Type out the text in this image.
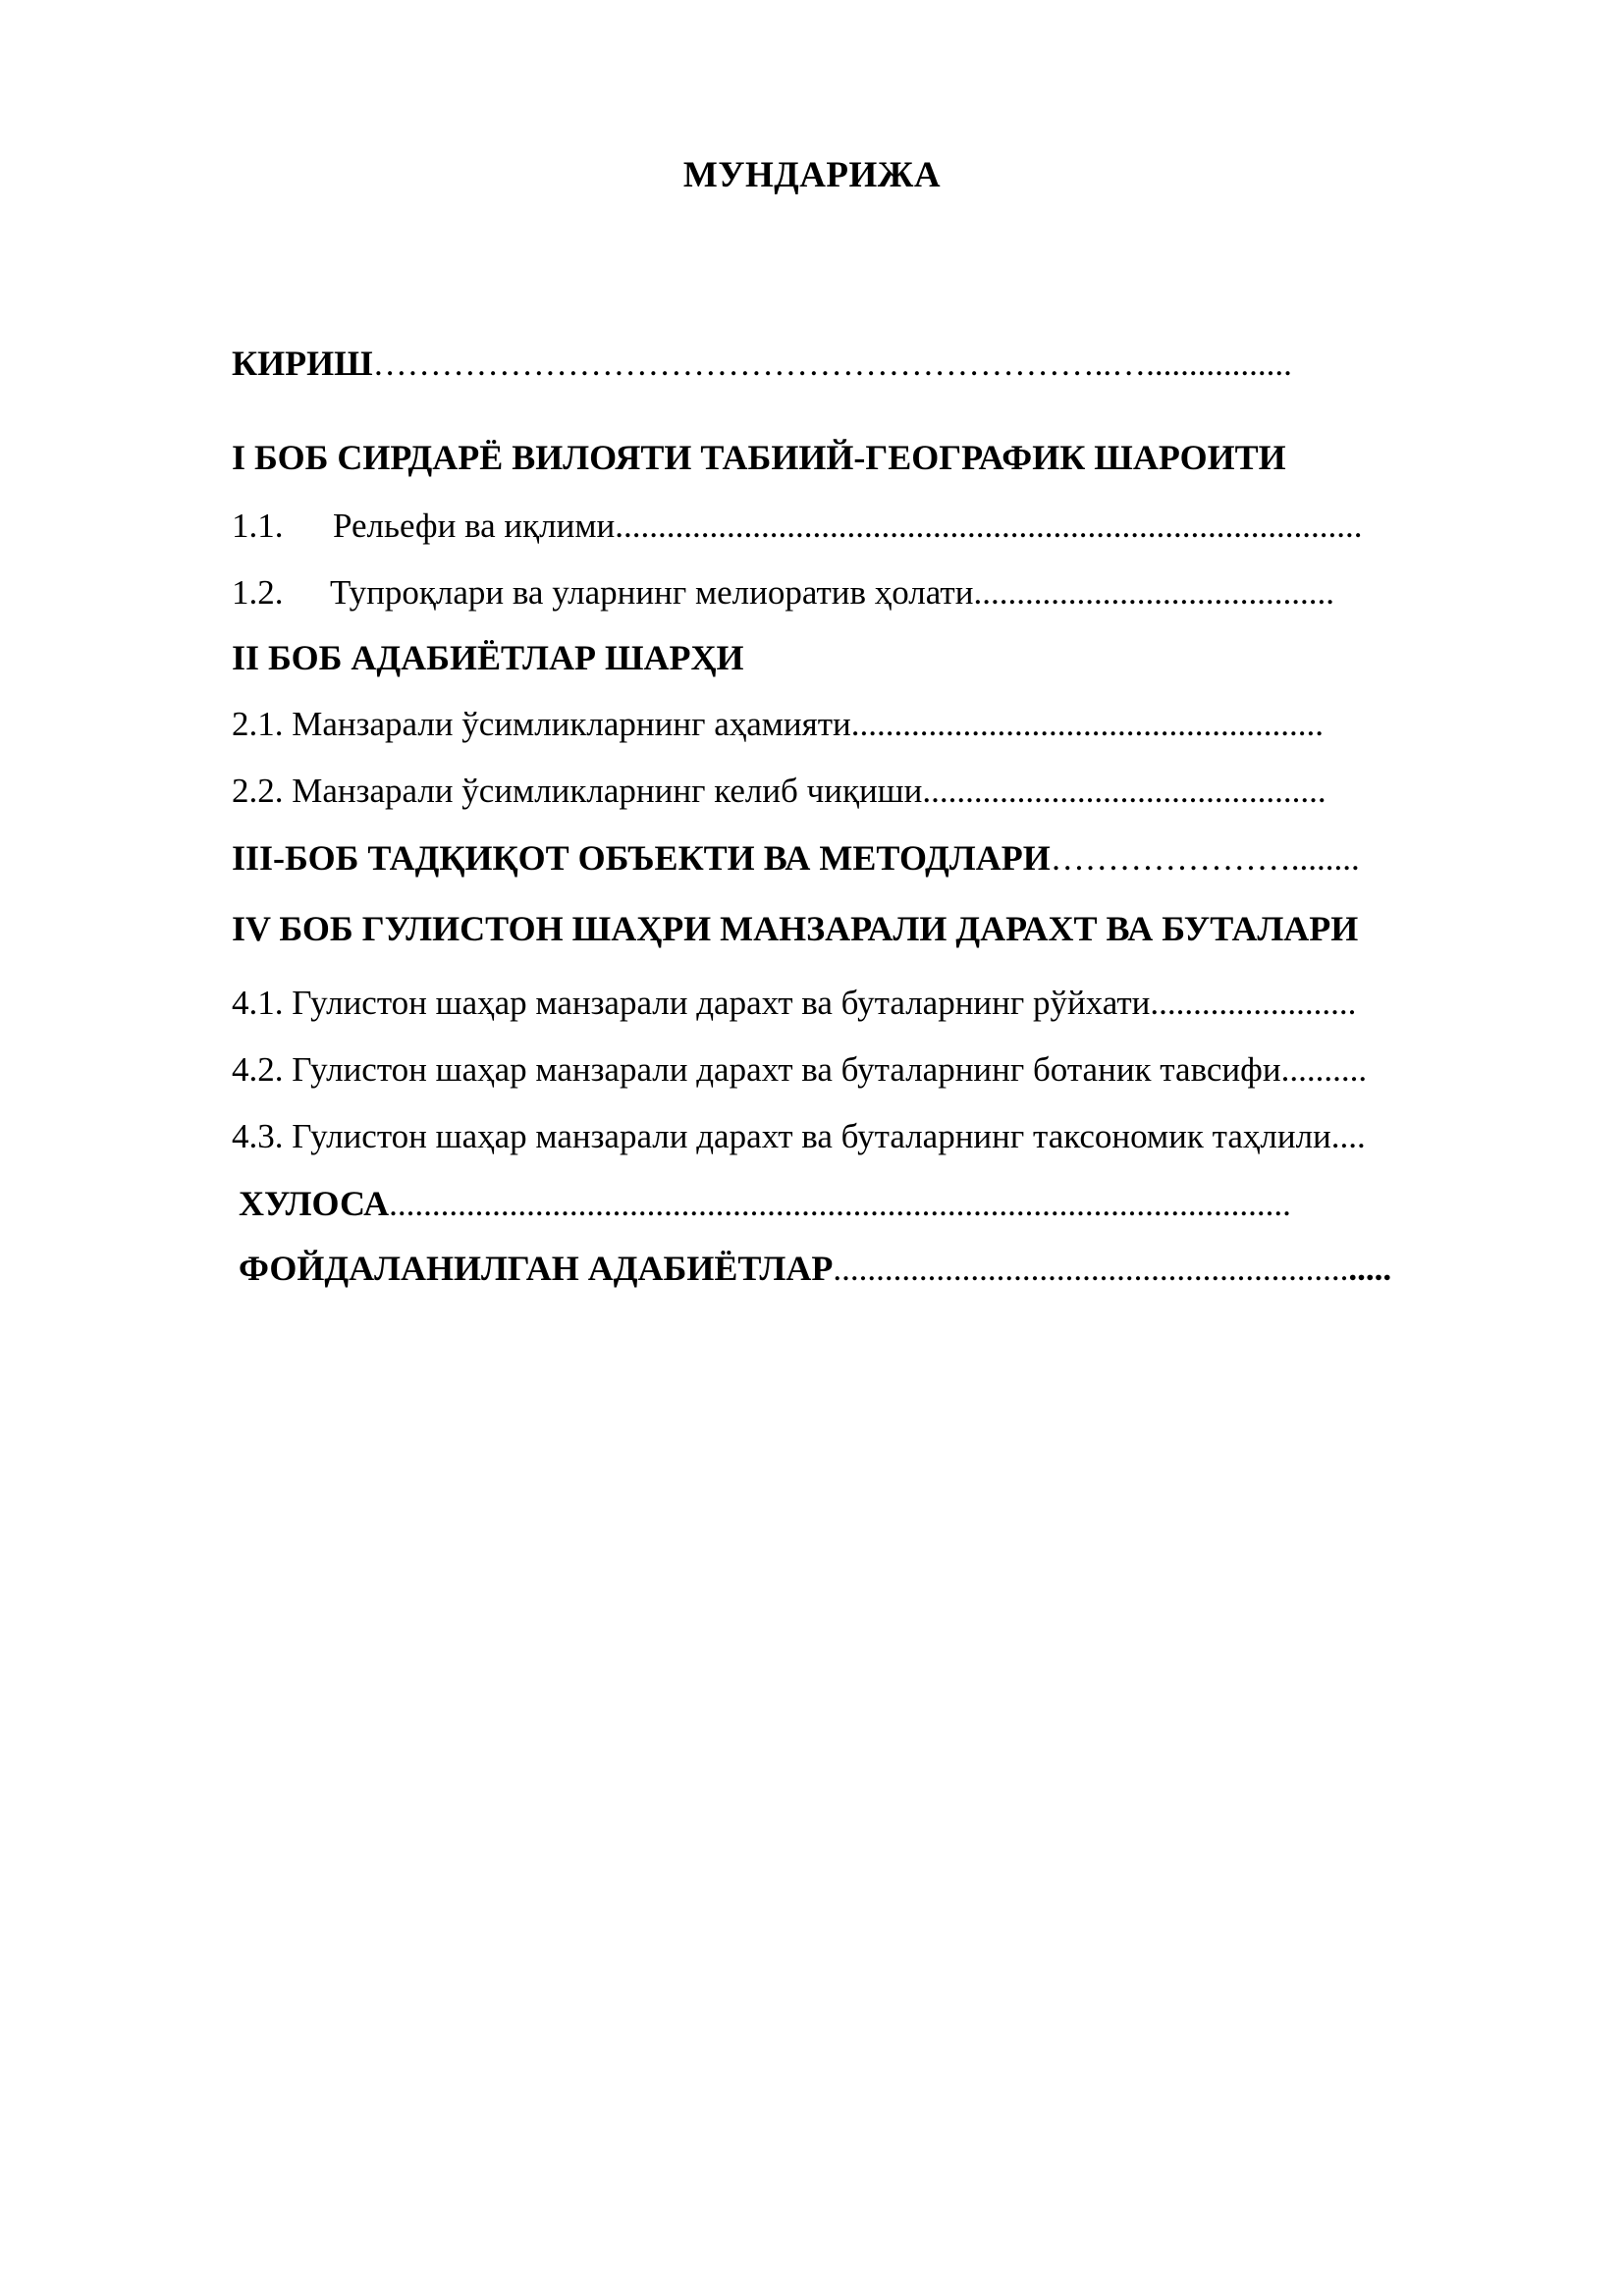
МУНДАРИЖА
КИРИШ………………………………………………………..….................
I БОБ СИРДАРЁ ВИЛОЯТИ ТАБИИЙ-ГЕОГРАФИК ШАРОИТИ
1.1. Рельефи ва иқлими.......................................................................................
1.2. Тупроқлари ва уларнинг мелиоратив ҳолати..........................................
II БОБ АДАБИЁТЛАР ШАРҲИ
2.1. Манзарали ўсимликларнинг аҳамияти.......................................................
2.2. Манзарали ўсимликларнинг келиб чиқиши...............................................
III-БОБ ТАДҚИҚОТ ОБЪЕКТИ ВА МЕТОДЛАРИ…………………........
IV БОБ ГУЛИСТОН ШАҲРИ МАНЗАРАЛИ ДАРАХТ ВА БУТАЛАРИ
4.1. Гулистон шаҳар манзарали дарахт ва буталарнинг рўйхати........................
4.2. Гулистон шаҳар манзарали дарахт ва буталарнинг ботаник тавсифи..........
4.3. Гулистон шаҳар манзарали дарахт ва буталарнинг таксономик таҳлили....
ХУЛОСА.........................................................................................................
ФОЙДАЛАНИЛГАН АДАБИЁТЛАР.................................................................
